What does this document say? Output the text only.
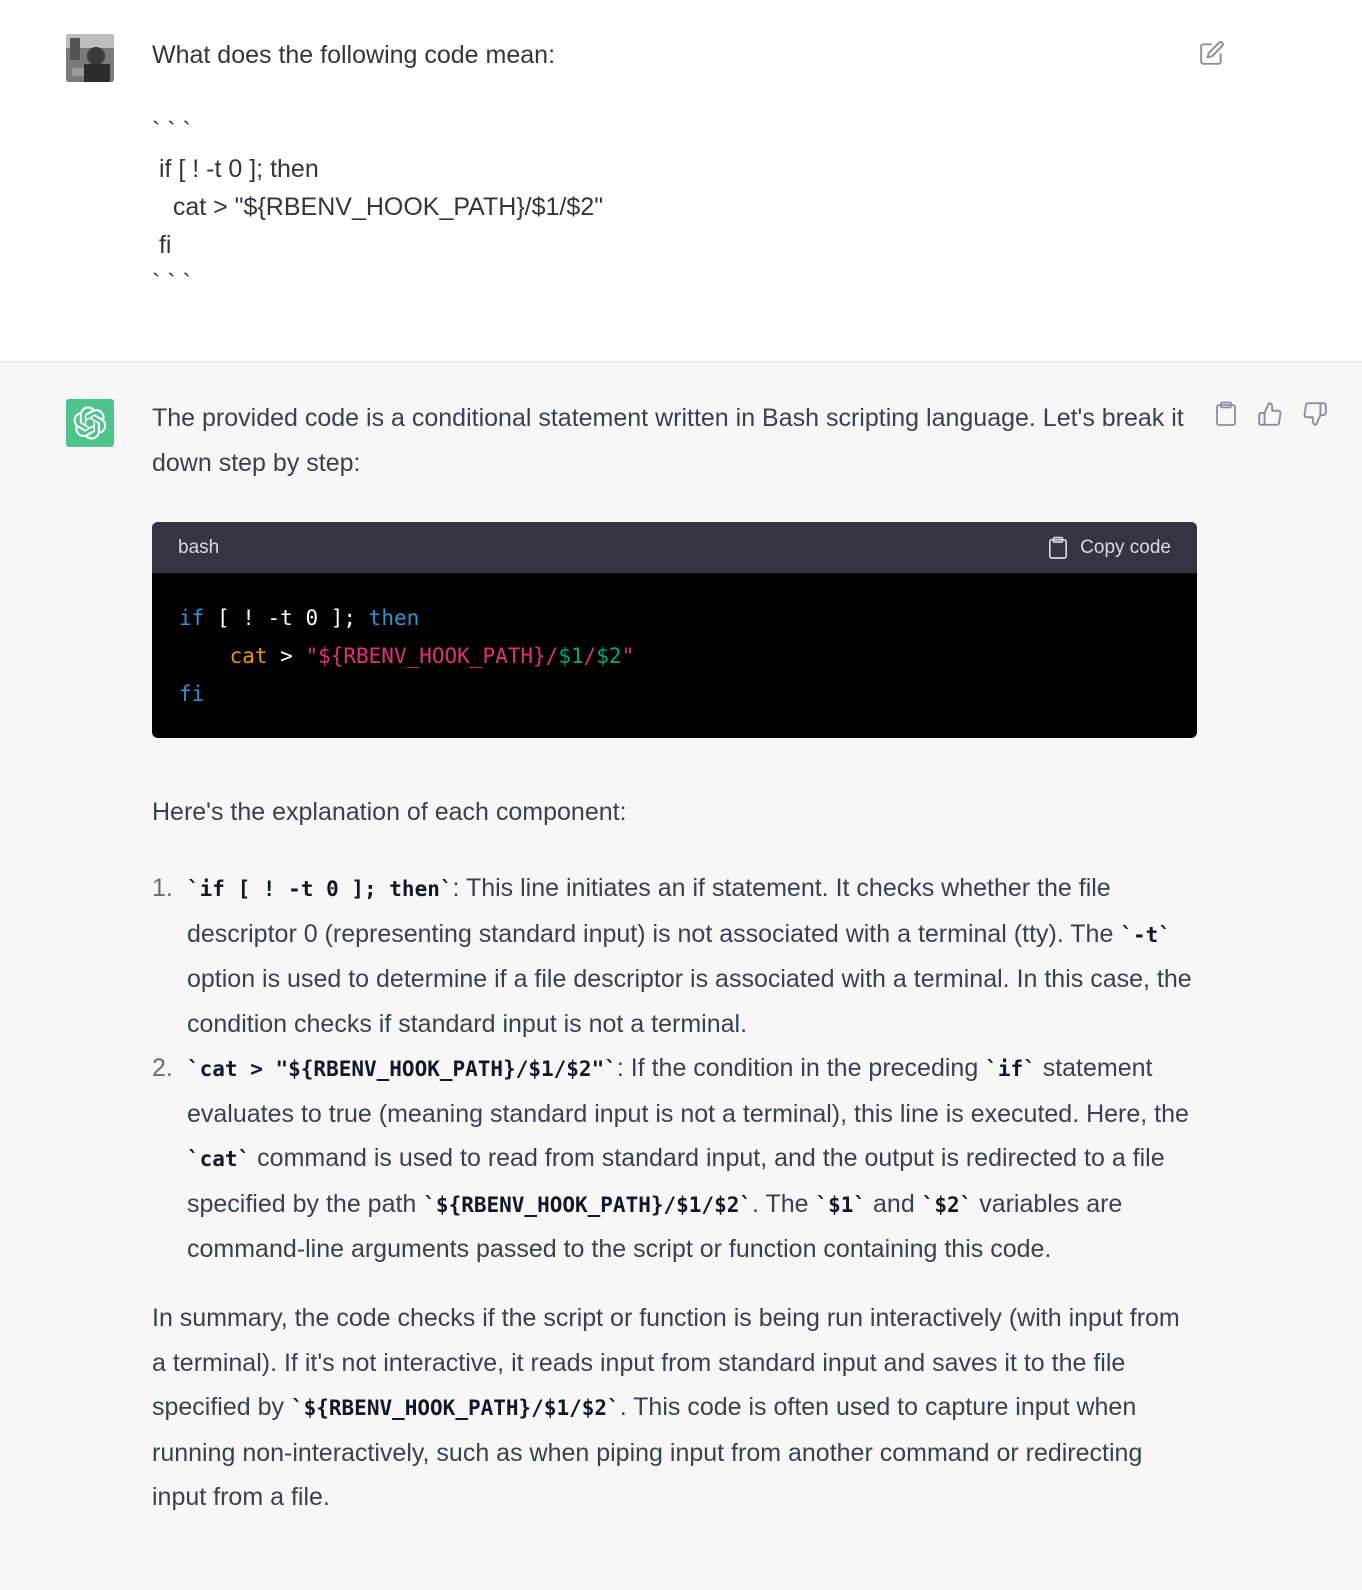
What does the following code mean:

` ` `
if [ ! -t 0 ]; then
cat > "${RBENV_HOOK_PATH}/$1/$2"
fi
` ` `

The provided code is a conditional statement written in Bash scripting language. Let's break it down step by step:

bash	Copy code
if [ ! -t 0 ]; then
cat > "${RBENV_HOOK_PATH}/$1/$2"
fi
Here's the explanation of each component:
1. `if [ ! -t 0 ]; then`: This line initiates an if statement. It checks whether the file descriptor 0 (representing standard input) is not associated with a terminal (tty). The `-t` option is used to determine if a file descriptor is associated with a terminal. In this case, the condition checks if standard input is not a terminal.
2. `cat > "${RBENV_HOOK_PATH}/$1/$2"`: If the condition in the preceding `if` statement evaluates to true (meaning standard input is not a terminal), this line is executed. Here, the `cat` command is used to read from standard input, and the output is redirected to a file specified by the path `${RBENV_HOOK_PATH}/$1/$2`. The `$1` and `$2` variables are command-line arguments passed to the script or function containing this code.
In summary, the code checks if the script or function is being run interactively (with input from a terminal). If it's not interactive, it reads input from standard input and saves it to the file specified by `${RBENV_HOOK_PATH}/$1/$2`. This code is often used to capture input when running non-interactively, such as when piping input from another command or redirecting input from a file.
